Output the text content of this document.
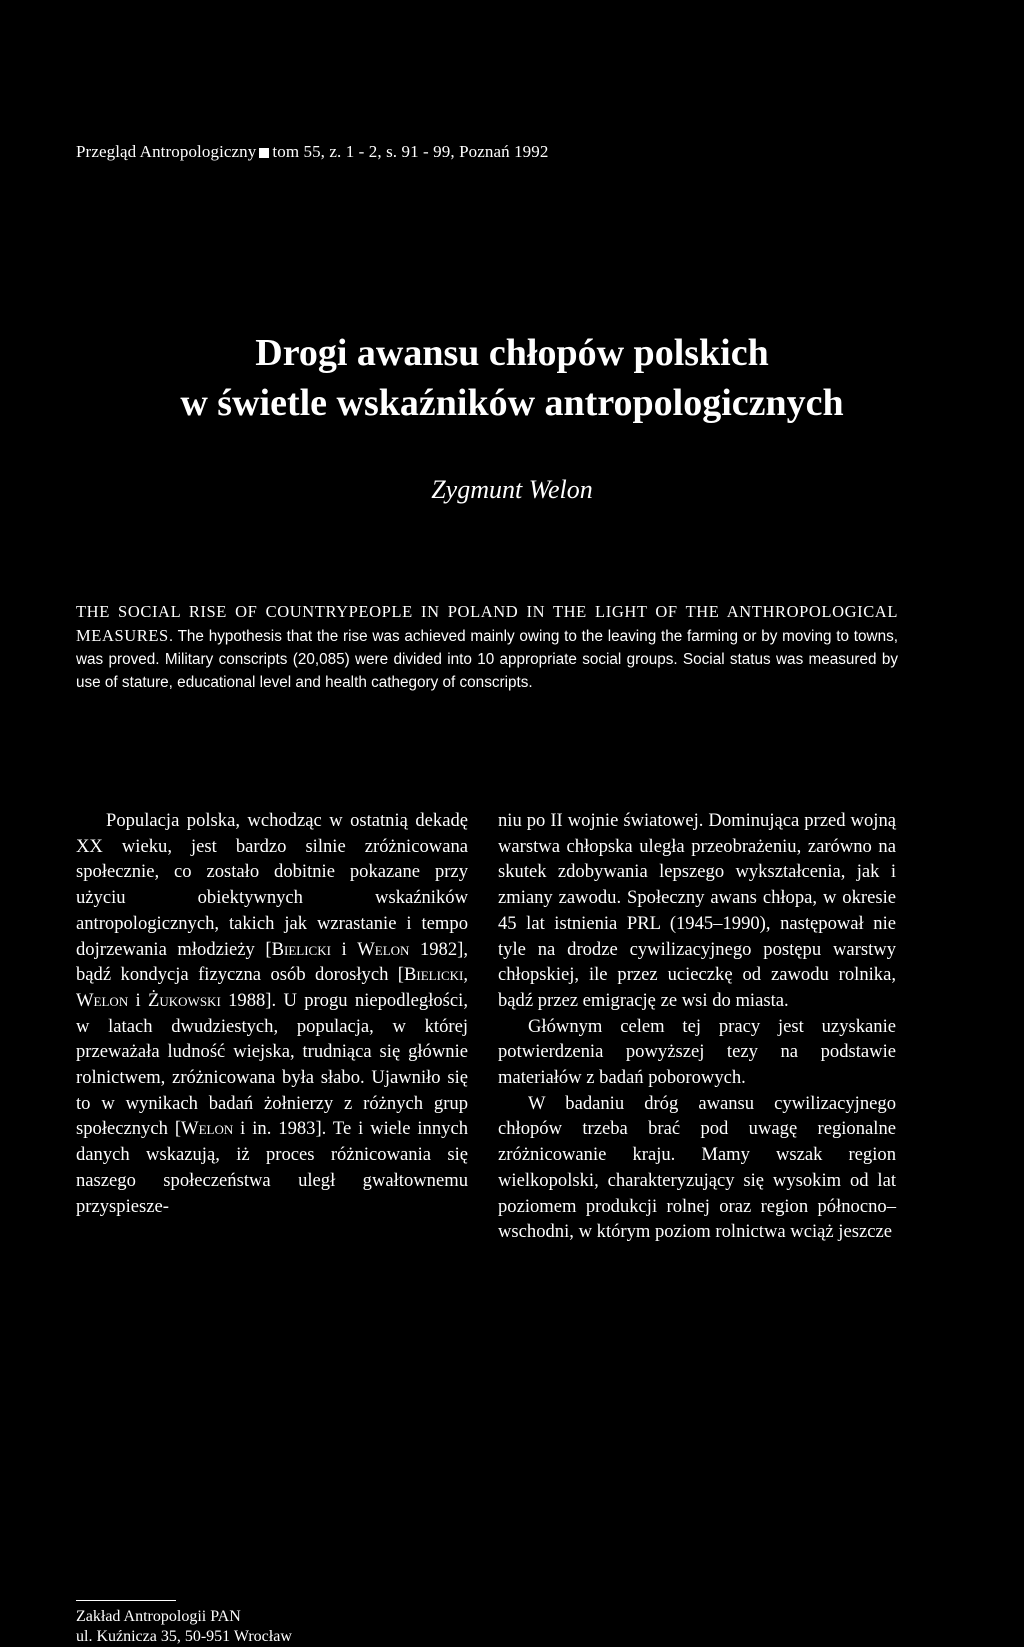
Przegląd Antropologiczny tom 55, z. 1 - 2, s. 91 - 99, Poznań 1992
Drogi awansu chłopów polskich
w świetle wskaźników antropologicznych
Zygmunt Welon
THE SOCIAL RISE OF COUNTRYPEOPLE IN POLAND IN THE LIGHT OF THE ANTHROPOLOGICAL MEASURES. The hypothesis that the rise was achieved mainly owing to the leaving the farming or by moving to towns, was proved. Military conscripts (20,085) were divided into 10 appropriate social groups. Social status was measured by use of stature, educational level and health cathegory of conscripts.

Populacja polska, wchodząc w ostatnią dekadę XX wieku, jest bardzo silnie zróżnicowana społecznie, co zostało dobitnie pokazane przy użyciu obiektywnych wskaźników antropologicznych, takich jak wzrastanie i tempo dojrzewania młodzieży [Bielicki i Welon 1982], bądź kondycja fizyczna osób dorosłych [Bielicki, Welon i Żukowski 1988]. U progu niepodległości, w latach dwudziestych, populacja, w której przeważała ludność wiejska, trudniąca się głównie rolnictwem, zróżnicowana była słabo. Ujawniło się to w wynikach badań żołnierzy z różnych grup społecznych [Welon i in. 1983]. Te i wiele innych danych wskazują, iż proces różnicowania się naszego społeczeństwa uległ gwałtownemu przyspiesze-

niu po II wojnie światowej. Dominująca przed wojną warstwa chłopska uległa przeobrażeniu, zarówno na skutek zdobywania lepszego wykształcenia, jak i zmiany zawodu. Społeczny awans chłopa, w okresie 45 lat istnienia PRL (1945–1990), następował nie tyle na drodze cywilizacyjnego postępu warstwy chłopskiej, ile przez ucieczkę od zawodu rolnika, bądź przez emigrację ze wsi do miasta.

Głównym celem tej pracy jest uzyskanie potwierdzenia powyższej tezy na podstawie materiałów z badań poborowych.

W badaniu dróg awansu cywilizacyjnego chłopów trzeba brać pod uwagę regionalne zróżnicowanie kraju. Mamy wszak region wielkopolski, charakteryzujący się wysokim od lat poziomem produkcji rolnej oraz region północno–wschodni, w którym poziom rolnictwa wciąż jeszcze

Zakład Antropologii PAN
ul. Kuźnicza 35, 50-951 Wrocław
